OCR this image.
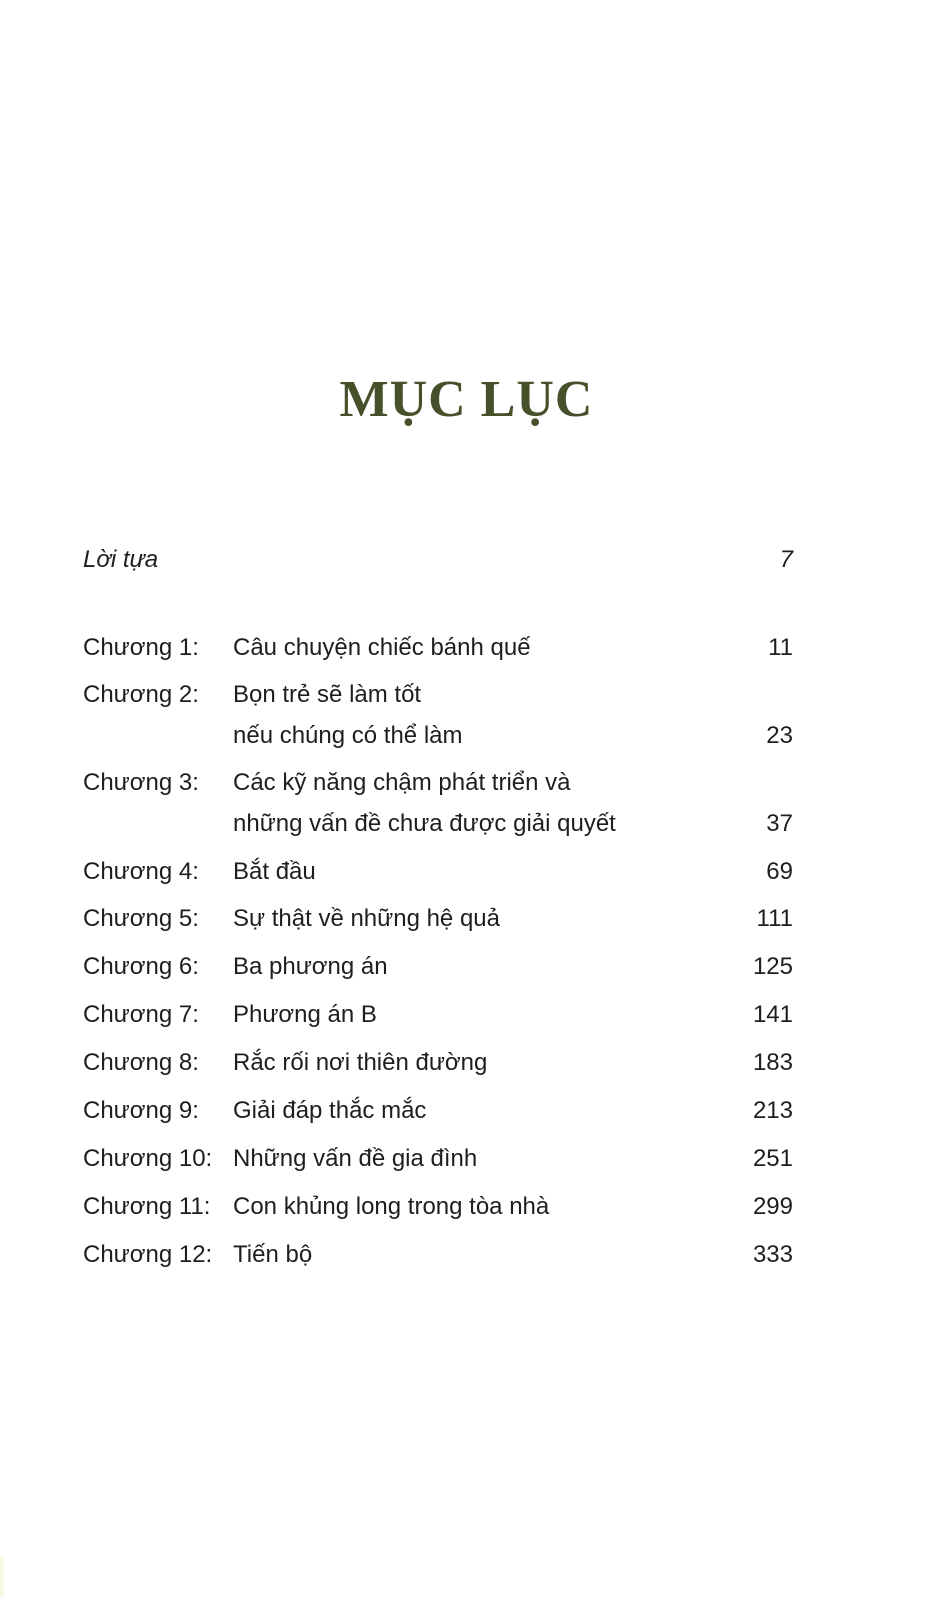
MỤC LỤC
Lời tựa	7
Chương 1: Câu chuyện chiếc bánh quế	11
Chương 2: Bọn trẻ sẽ làm tốt
nếu chúng có thể làm	23
Chương 3: Các kỹ năng chậm phát triển và
những vấn đề chưa được giải quyết	37
Chương 4: Bắt đầu	69
Chương 5: Sự thật về những hệ quả	111
Chương 6: Ba phương án	125
Chương 7: Phương án B	141
Chương 8: Rắc rối nơi thiên đường	183
Chương 9: Giải đáp thắc mắc	213
Chương 10: Những vấn đề gia đình	251
Chương 11: Con khủng long trong tòa nhà	299
Chương 12: Tiến bộ	333
